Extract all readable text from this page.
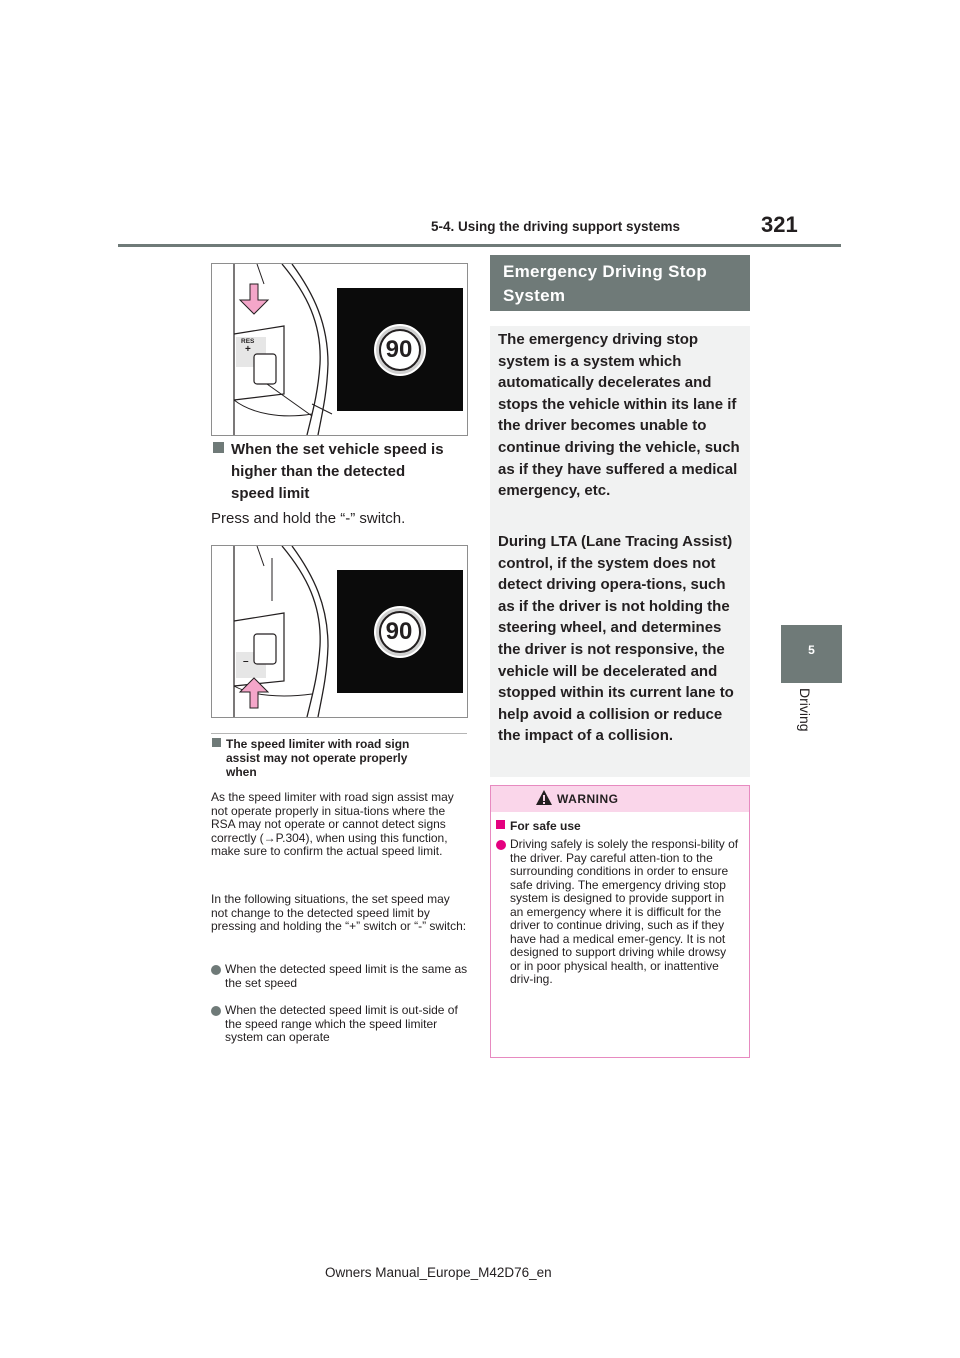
5-4. Using the driving support systems	321
5
Driving
RES
+	90
When the set vehicle speed is
higher than the detected
speed limit
Press and hold the “-” switch.
–
90
The speed limiter with road sign
assist may not operate properly
when
As the speed limiter with road sign assist may not operate properly in situa-tions where the RSA may not operate or cannot detect signs correctly (→P.304), when using this function, make sure to confirm the actual speed limit.
In the following situations, the set speed may not change to the detected speed limit by pressing and holding the “+” switch or “-” switch:
When the detected speed limit is the same as the set speed
When the detected speed limit is out-side of the speed range which the speed limiter system can operate
Emergency Driving Stop
System
The emergency driving stop system is a system which automatically decelerates and stops the vehicle within its lane if the driver becomes unable to continue driving the vehicle, such as if they have suffered a medical emergency, etc.
During LTA (Lane Tracing Assist) control, if the system does not detect driving opera-tions, such as if the driver is not holding the steering wheel, and determines the driver is not responsive, the vehicle will be decelerated and stopped within its current lane to help avoid a collision or reduce the impact of a collision.
WARNING
For safe use
Driving safely is solely the responsi-bility of the driver. Pay careful atten-tion to the surrounding conditions in order to ensure safe driving. The emergency driving stop system is designed to provide support in an emergency where it is difficult for the driver to continue driving, such as if they have had a medical emer-gency. It is not designed to support driving while drowsy or in poor physical health, or inattentive driv-ing.
Owners Manual_Europe_M42D76_en
